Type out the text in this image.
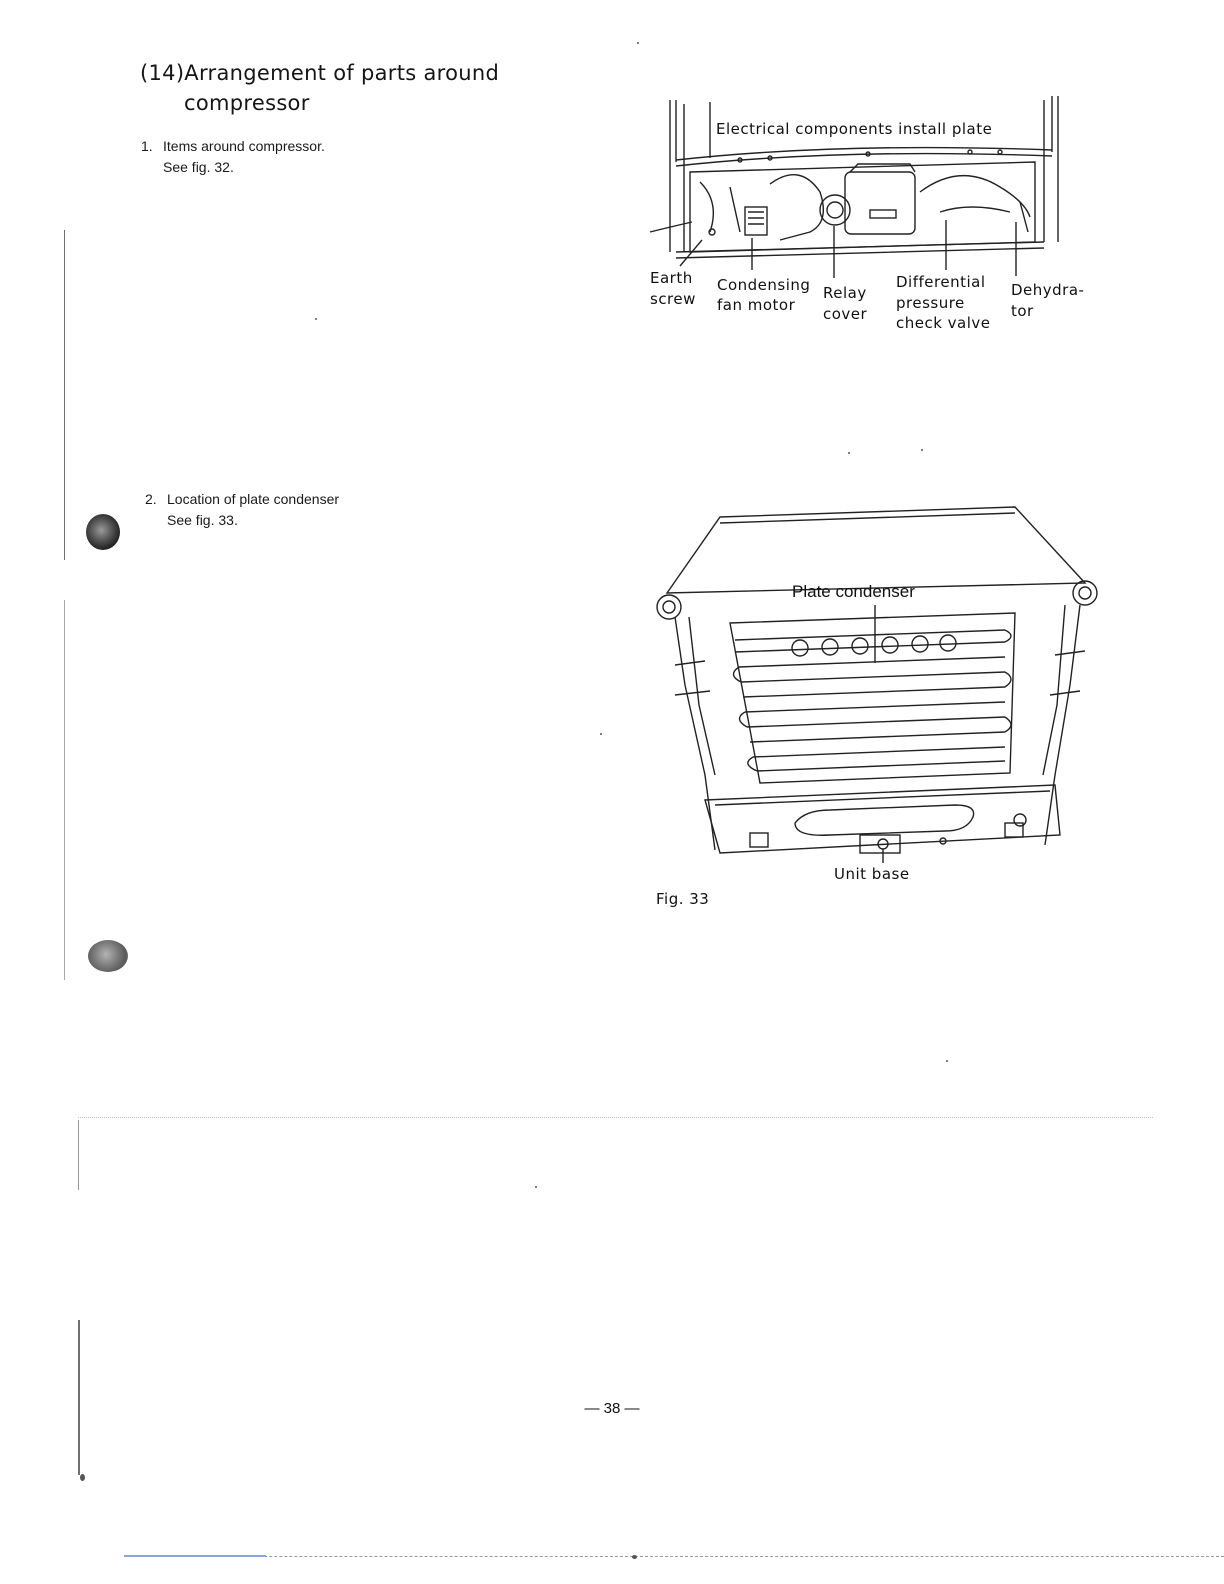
(14)Arrangement of parts around
compressor
1. Items around compressor.
See fig. 32.
2. Location of plate condenser
See fig. 33.
Electrical components install plate
Earth
screw
Condensing
fan motor
Relay
cover
Differential
pressure
check valve
Dehydra-
tor
Plate condenser
Unit base
Fig. 33
— 38 —
